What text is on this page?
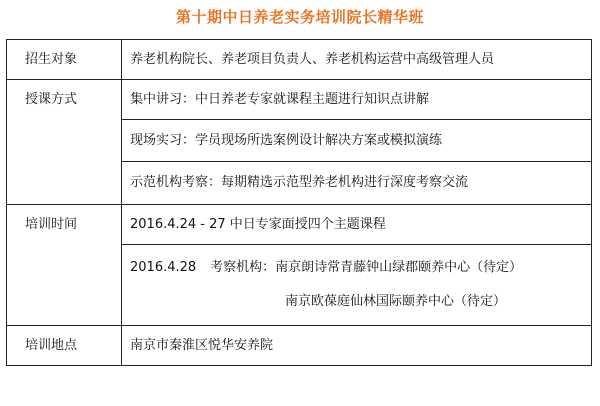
第十期中日养老实务培训院长精华班
招生对象	养老机构院长、养老项目负责人、养老机构运营中高级管理人员
授课方式	集中讲习：中日养老专家就课程主题进行知识点讲解
	现场实习：学员现场所选案例设计解决方案或模拟演练
	示范机构考察：每期精选示范型养老机构进行深度考察交流
培训时间	2016.4.24 - 27 中日专家面授四个主题课程

	2016.4.28 考察机构：南京朗诗常青藤钟山绿郡颐养中心（待定）
南京欧葆庭仙林国际颐养中心（待定）

培训地点	南京市秦淮区悦华安养院
